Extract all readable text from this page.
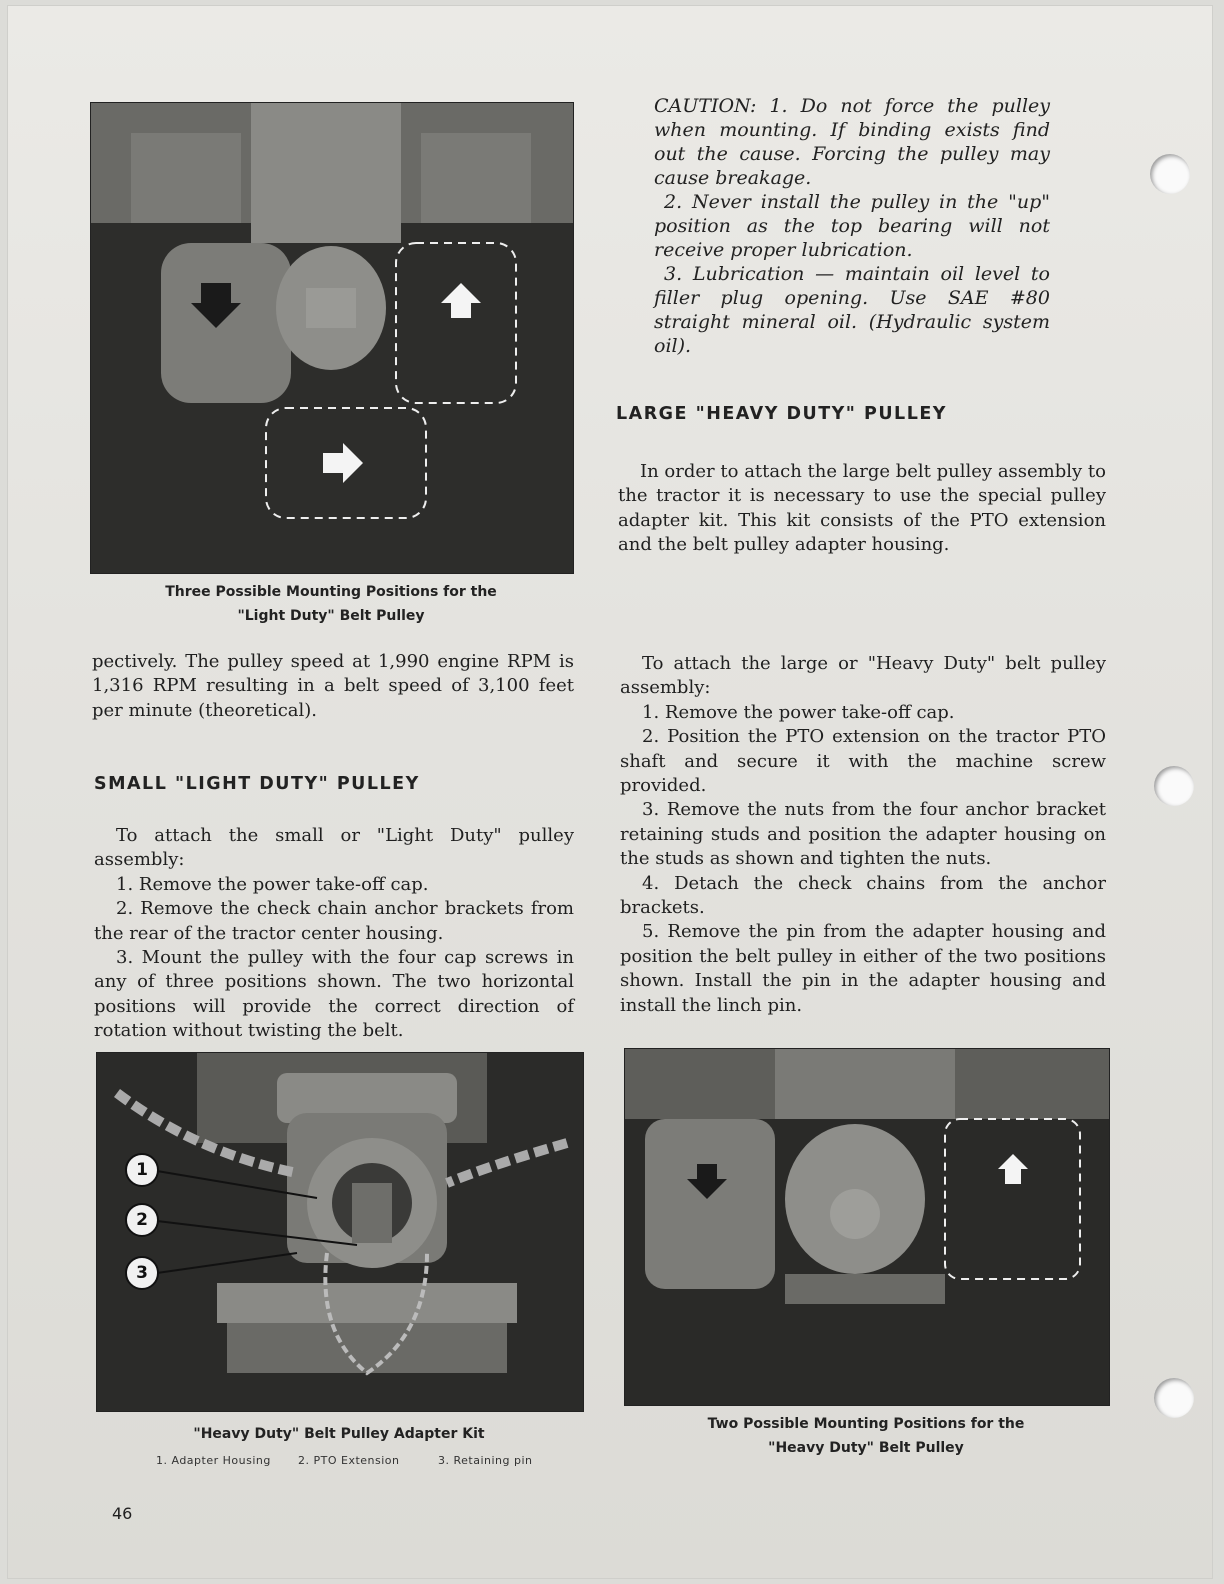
Three Possible Mounting Positions for the
"Light Duty" Belt Pulley

pectively. The pulley speed at 1,990 engine RPM is 1,316 RPM resulting in a belt speed of 3,100 feet per minute (theoretical).

SMALL "LIGHT DUTY" PULLEY

To attach the small or "Light Duty" pulley assembly:

1. Remove the power take-off cap.

2. Remove the check chain anchor brackets from the rear of the tractor center housing.

3. Mount the pulley with the four cap screws in any of three positions shown. The two horizontal positions will provide the correct direction of rotation without twisting the belt.

1
2
3
"Heavy Duty" Belt Pulley Adapter Kit
1. Adapter Housing 2. PTO Extension	3. Retaining pin

CAUTION: 1. Do not force the pulley when mounting. If binding exists find out the cause. Forcing the pulley may cause breakage.

2. Never install the pulley in the "up" position as the top bearing will not receive proper lubrication.

3. Lubrication — maintain oil level to filler plug opening. Use SAE #80 straight mineral oil. (Hydraulic system oil).

LARGE "HEAVY DUTY" PULLEY

In order to attach the large belt pulley assembly to the tractor it is necessary to use the special pulley adapter kit. This kit consists of the PTO extension and the belt pulley adapter housing.

To attach the large or "Heavy Duty" belt pulley assembly:

1. Remove the power take-off cap.

2. Position the PTO extension on the tractor PTO shaft and secure it with the machine screw provided.

3. Remove the nuts from the four anchor bracket retaining studs and position the adapter housing on the studs as shown and tighten the nuts.

4. Detach the check chains from the anchor brackets.

5. Remove the pin from the adapter housing and position the belt pulley in either of the two positions shown. Install the pin in the adapter housing and install the linch pin.

Two Possible Mounting Positions for the
"Heavy Duty" Belt Pulley
46
